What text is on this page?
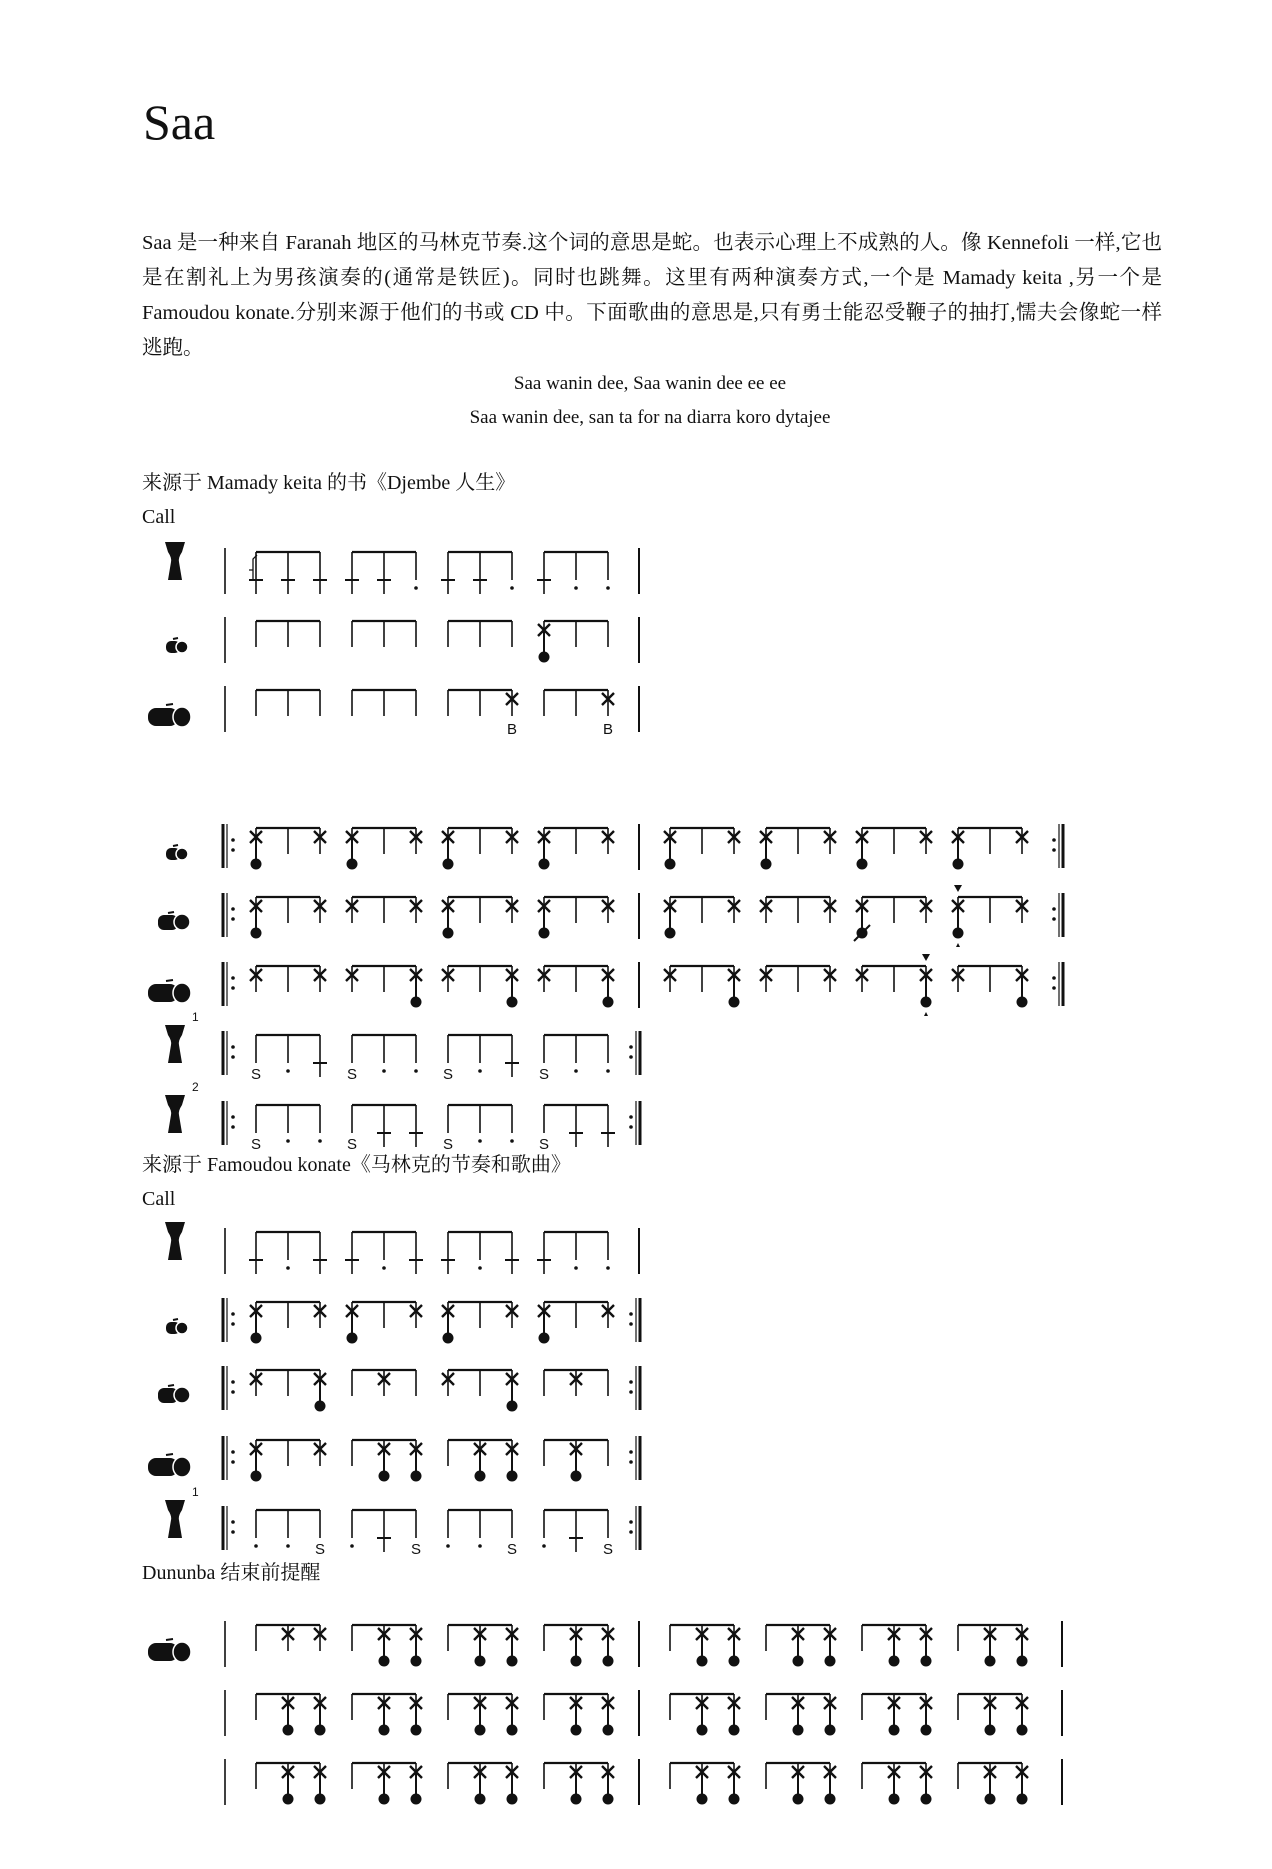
Saa

Saa 是一种来自 Faranah 地区的马林克节奏.这个词的意思是蛇。也表示心理上不成熟的人。像 Kennefoli 一样,它也是在割礼上为男孩演奏的(通常是铁匠)。同时也跳舞。这里有两种演奏方式,一个是 Mamady keita ,另一个是 Famoudou konate.分别来源于他们的书或 CD 中。下面歌曲的意思是,只有勇士能忍受鞭子的抽打,懦夫会像蛇一样逃跑。

Saa wanin dee, Saa wanin dee ee ee
Saa wanin dee, san ta for na diarra koro dytajee
来源于 Mamady keita 的书《Djembe 人生》
Call
来源于 Famoudou konate《马林克的节奏和歌曲》
Call
Dununba 结束前提醒
B	B
1
S	S	S	S
2
S	S	S	S
1
S	S	S	S
